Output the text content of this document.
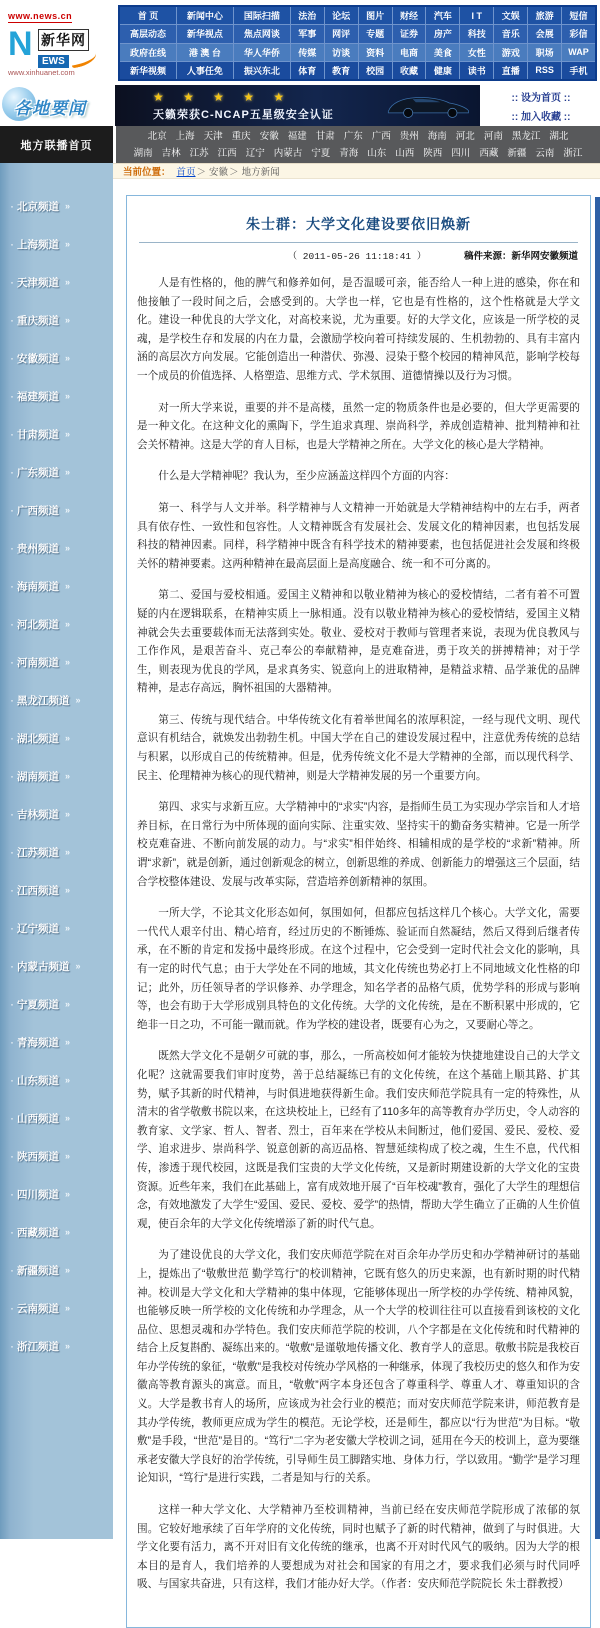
www.news.cn
N 新华网
EWS
www.xinhuanet.com
首 页	新闻中心	国际扫描	法治	论坛	图片	财经	汽车	I T	文娱	旅游	短信
高层动态	新华视点	焦点网谈	军事	网评	专题	证券	房产	科技	音乐	会展	彩信
政府在线	港 澳 台	华人华侨	传媒	访谈	资料	电商	美食	女性	游戏	职场	WAP
新华视频	人事任免	振兴东北	体育	教育	校园	收藏	健康	读书	直播	RSS	手机
各地要闻
★ ★ ★ ★ ★
天籁荣获C-NCAP五星级安全认证
:: 设为首页 ::
:: 加入收藏 ::
地方联播首页
北京 上海 天津 重庆 安徽 福建 甘肃 广东 广西 贵州 海南 河北 河南 黑龙江 湖北
湖南 吉林 江苏 江西 辽宁 内蒙古 宁夏 青海 山东 山西 陕西 四川 西藏 新疆 云南 浙江
· 北京频道 »
· 上海频道 »
· 天津频道 »
· 重庆频道 »
· 安徽频道 »
· 福建频道 »
· 甘肃频道 »
· 广东频道 »
· 广西频道 »
· 贵州频道 »
· 海南频道 »
· 河北频道 »
· 河南频道 »
· 黑龙江频道 »
· 湖北频道 »
· 湖南频道 »
· 吉林频道 »
· 江苏频道 »
· 江西频道 »
· 辽宁频道 »
· 内蒙古频道 »
· 宁夏频道 »
· 青海频道 »
· 山东频道 »
· 山西频道 »
· 陕西频道 »
· 四川频道 »
· 西藏频道 »
· 新疆频道 »
· 云南频道 »
· 浙江频道 »
当前位置： 首页 ＞ 安徽 ＞ 地方新闻
朱士群：大学文化建设要依旧焕新
（ 2011-05-26 11:18:41 ）	稿件来源：新华网安徽频道

人是有性格的，他的脾气和修养如何，是否温暖可亲，能否给人一种上进的感染，你在和他接触了一段时间之后，会感受到的。大学也一样，它也是有性格的，这个性格就是大学文化。建设一种优良的大学文化，对高校来说，尤为重要。好的大学文化，应该是一所学校的灵魂，是学校生存和发展的内在力量，会激励学校向着可持续发展的、生机勃勃的、具有丰富内涵的高层次方向发展。它能创造出一种潜伏、弥漫、浸染于整个校园的精神风范，影响学校每一个成员的价值选择、人格塑造、思维方式、学术氛围、道德情操以及行为习惯。

对一所大学来说，重要的并不是高楼，虽然一定的物质条件也是必要的，但大学更需要的是一种文化。在这种文化的熏陶下，学生追求真理、崇尚科学，养成创造精神、批判精神和社会关怀精神。这是大学的育人目标，也是大学精神之所在。大学文化的核心是大学精神。

什么是大学精神呢？我认为，至少应涵盖这样四个方面的内容：

第一、科学与人文并举。科学精神与人文精神一开始就是大学精神结构中的左右手，两者具有依存性、一致性和包容性。人文精神既含有发展社会、发展文化的精神因素，也包括发展科技的精神因素。同样，科学精神中既含有科学技术的精神要素，也包括促进社会发展和终极关怀的精神要素。这两种精神在最高层面上是高度融合、统一和不可分离的。

第二、爱国与爱校相通。爱国主义精神和以敬业精神为核心的爱校情结，二者有着不可置疑的内在逻辑联系，在精神实质上一脉相通。没有以敬业精神为核心的爱校情结，爱国主义精神就会失去重要载体而无法落到实处。敬业、爱校对于教师与管理者来说，表现为优良教风与工作作风，是艰苦奋斗、克己奉公的奉献精神，是克难奋进，勇于攻关的拼搏精神；对于学生，则表现为优良的学风，是求真务实、锐意向上的进取精神，是精益求精、品学兼优的品牌精神，是志存高远，胸怀祖国的大器精神。

第三、传统与现代结合。中华传统文化有着举世闻名的浓厚积淀，一经与现代文明、现代意识有机结合，就焕发出勃勃生机。中国大学在自己的建设发展过程中，注意优秀传统的总结与积累，以形成自己的传统精神。但是，优秀传统文化不是大学精神的全部，而以现代科学、民主、伦理精神为核心的现代精神，则是大学精神发展的另一个重要方向。

第四、求实与求新互应。大学精神中的“求实”内容，是指师生员工为实现办学宗旨和人才培养目标，在日常行为中所体现的面向实际、注重实效、坚持实干的勤奋务实精神。它是一所学校克难奋进、不断向前发展的动力。与“求实”相伴始终、相辅相成的是学校的“求新”精神。所谓“求新”，就是创新，通过创新观念的树立，创新思维的养成、创新能力的增强这三个层面，结合学校整体建设、发展与改革实际，营造培养创新精神的氛围。

一所大学，不论其文化形态如何，氛围如何，但都应包括这样几个核心。大学文化，需要一代代人艰辛付出、精心培育，经过历史的不断锤炼、验证而自然凝结，然后又得到后继者传承，在不断的肯定和发扬中最终形成。在这个过程中，它会受到一定时代社会文化的影响，具有一定的时代气息；由于大学处在不同的地域，其文化传统也势必打上不同地域文化性格的印记；此外，历任领导者的学识修养、办学理念，知名学者的品格气质，优势学科的形成与影响等，也会有助于大学形成别具特色的文化传统。大学的文化传统，是在不断积累中形成的，它绝非一日之功，不可能一蹴而就。作为学校的建设者，既要有心为之，又要耐心等之。

既然大学文化不是朝夕可就的事，那么，一所高校如何才能较为快捷地建设自己的大学文化呢？这就需要我们审时度势，善于总结凝练已有的文化传统，在这个基础上顺其路、扩其势，赋予其新的时代精神，与时俱进地获得新生命。我们安庆师范学院具有一定的特殊性，从清末的省学敬敷书院以来，在这块校址上，已经有了110多年的高等教育办学历史，令人动容的教育家、文学家、哲人、智者、烈士，百年来在学校从未间断过，他们爱国、爱民、爱校、爱学、追求进步、崇尚科学、锐意创新的高迈品格、智慧延续构成了校之魂，生生不息，代代相传，渗透于现代校园，这既是我们宝贵的大学文化传统，又是新时期建设新的大学文化的宝贵资源。近些年来，我们在此基础上，富有成效地开展了“百年校魂”教育，强化了大学生的理想信念，有效地激发了大学生“爱国、爱民、爱校、爱学”的热情，帮助大学生确立了正确的人生价值观，使百余年的大学文化传统增添了新的时代气息。

为了建设优良的大学文化，我们安庆师范学院在对百余年办学历史和办学精神研讨的基础上，提炼出了“敬敷世范 勤学笃行”的校训精神，它既有悠久的历史来源，也有新时期的时代精神。校训是大学文化和大学精神的集中体现，它能够体现出一所学校的办学传统、精神风貌，也能够反映一所学校的文化传统和办学理念，从一个大学的校训往往可以直接看到该校的文化品位、思想灵魂和办学特色。我们安庆师范学院的校训，八个字都是在文化传统和时代精神的结合上反复斟酌、凝练出来的。“敬敷”是谨敬地传播文化、教育学人的意思。敬敷书院是我校百年办学传统的象征，“敬敷”是我校对传统办学风格的一种继承，体现了我校历史的悠久和作为安徽高等教育源头的寓意。而且，“敬敷”两字本身还包含了尊重科学、尊重人才、尊重知识的含义。大学是教书育人的场所，应该成为社会行业的模范；而对安庆师范学院来讲，师范教育是其办学传统，教师更应成为学生的模范。无论学校，还是师生，都应以“行为世范”为目标。“敬敷”是手段，“世范”是目的。“笃行”二字为老安徽大学校训之词，延用在今天的校训上，意为要继承老安徽大学良好的治学传统，引导师生员工脚踏实地、身体力行，学以致用。“勤学”是学习理论知识，“笃行”是进行实践，二者是知与行的关系。

这样一种大学文化、大学精神乃至校训精神，当前已经在安庆师范学院形成了浓郁的氛围。它较好地承续了百年学府的文化传统，同时也赋予了新的时代精神，做到了与时俱进。大学文化要有活力，离不开对旧有文化传统的继承，也离不开对时代风气的吸纳。因为大学的根本目的是育人，我们培养的人要想成为对社会和国家的有用之才，要求我们必须与时代同呼吸、与国家共奋进，只有这样，我们才能办好大学。（作者：安庆师范学院院长 朱士群教授）
